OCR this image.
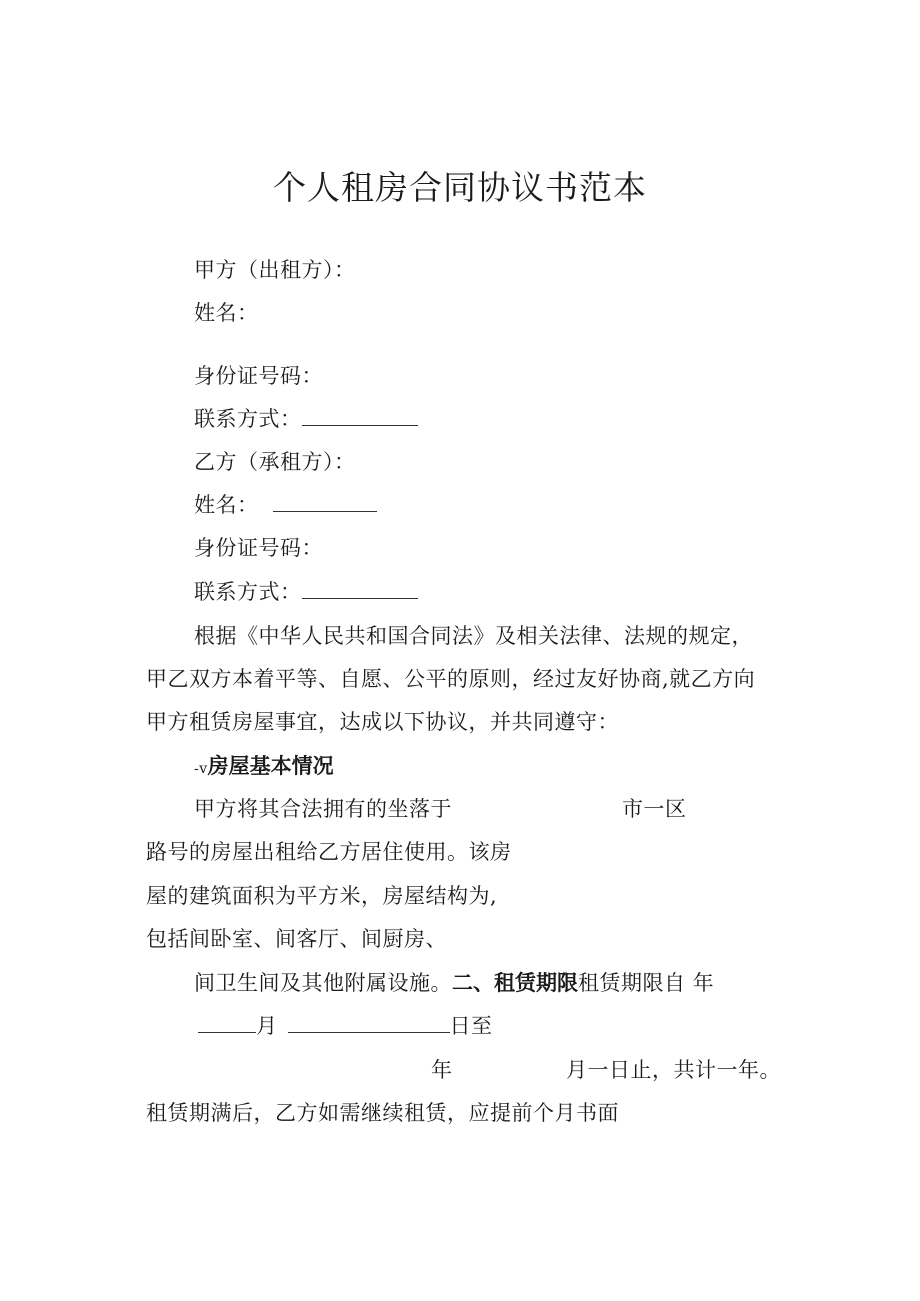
个人租房合同协议书范本
甲方（出租方）：
姓名：
身份证号码：
联系方式：
乙方（承租方）：
姓名：
身份证号码：
联系方式：
根据《中华人民共和国合同法》及相关法律、法规的规定，
甲乙双方本着平等、自愿、公平的原则，经过友好协商,就乙方向
甲方租赁房屋事宜，达成以下协议，并共同遵守：
-v房屋基本情况
甲方将其合法拥有的坐落于	市一区
路号的房屋出租给乙方居住使用。该房
屋的建筑面积为平方米，房屋结构为,
包括间卧室、间客厅、间厨房、
间卫生间及其他附属设施。二、租赁期限租赁期限自 年
月	日至
年	月一日止，共计一年。
租赁期满后，乙方如需继续租赁，应提前个月书面
